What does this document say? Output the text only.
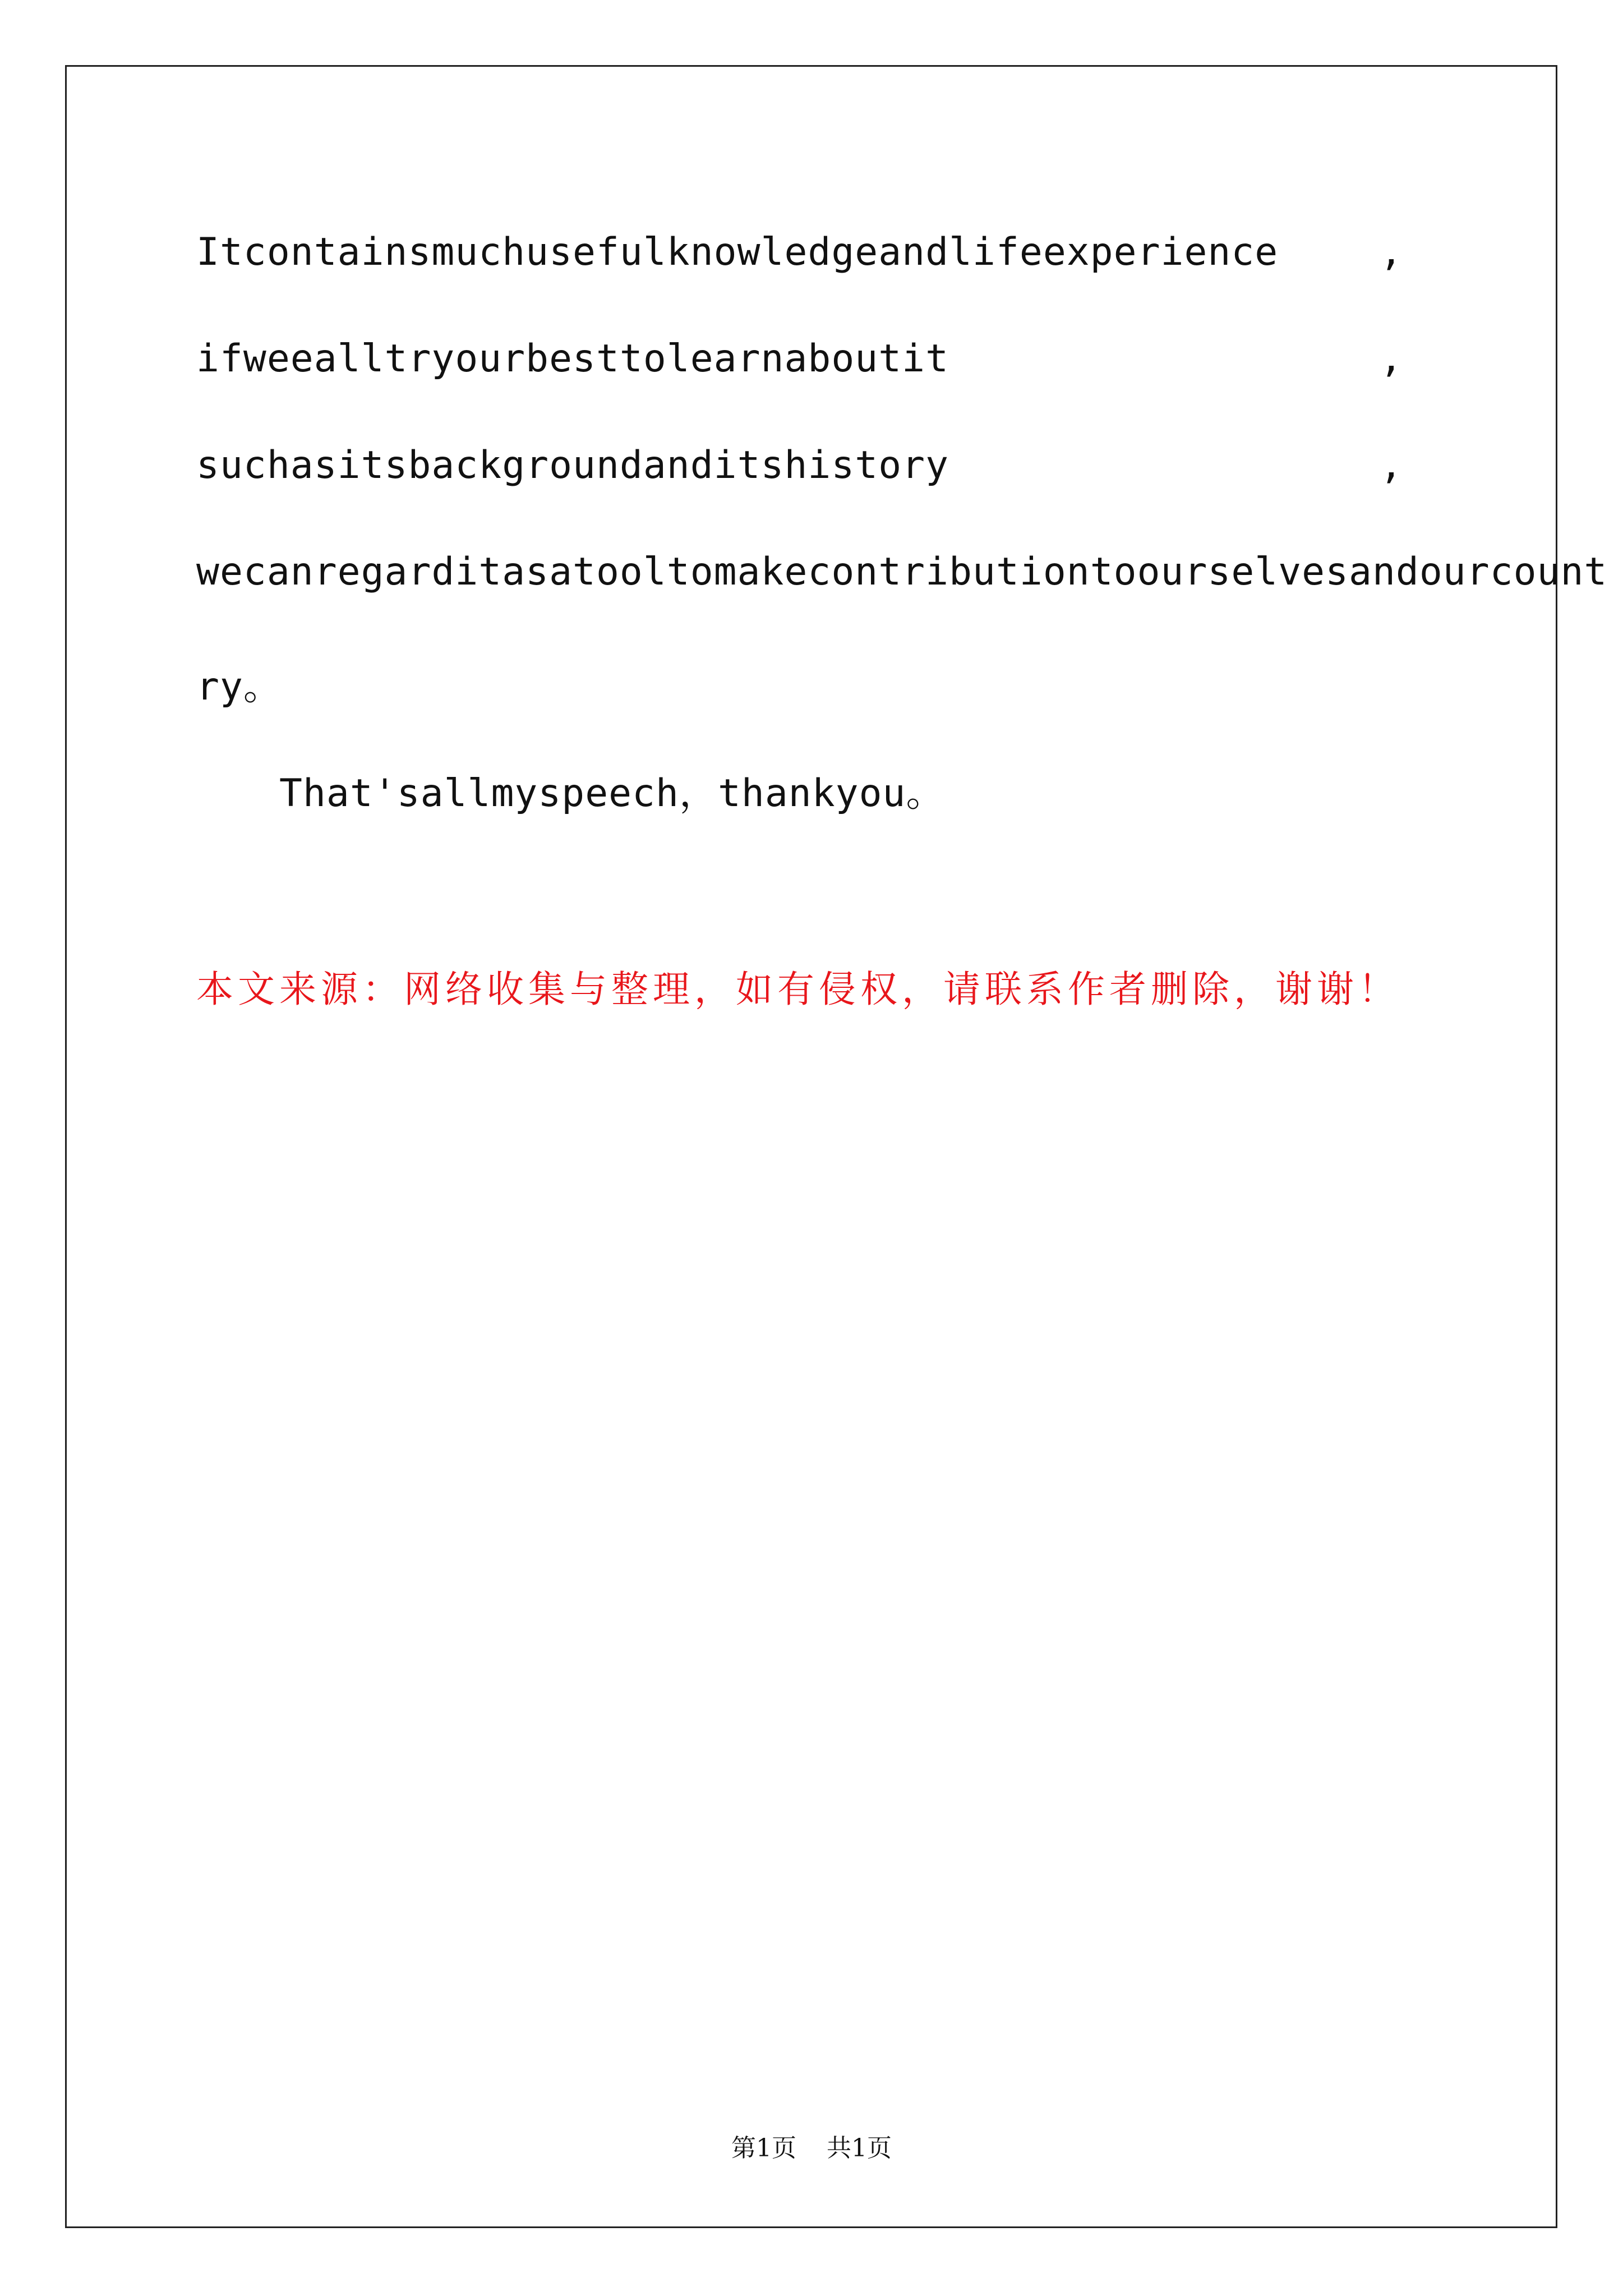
Itcontainsmuchusefulknowledgeandlifeexperience	,
ifweealltryourbesttolearnaboutit	,
suchasitsbackgroundanditshistory	,
wecanregarditasatooltomakecontributiontoourselvesandourcount
ry。
That'sallmyspeech，thankyou。
本文来源：网络收集与整理，如有侵权，请联系作者删除，谢谢！
第1页 共1页
